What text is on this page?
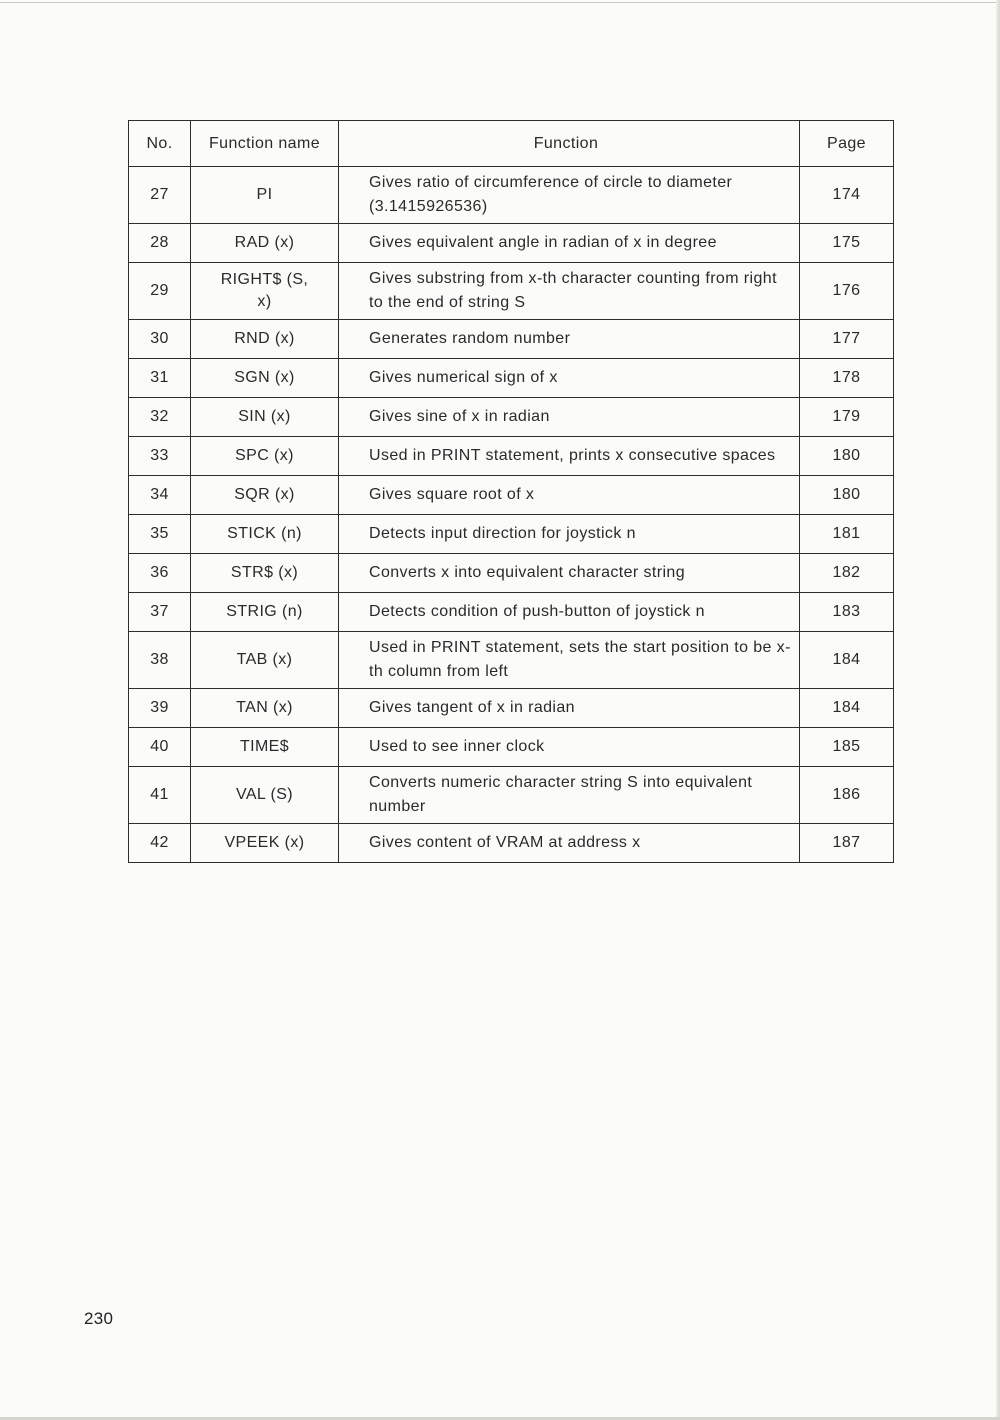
No.	Function name	Function	Page
27	PI	Gives ratio of circumference of circle to diameter (3.1415926536)	174
28	RAD (x)	Gives equivalent angle in radian of x in degree	175
29	RIGHT$ (S, x)	Gives substring from x-th character counting from right to the end of string S	176
30	RND (x)	Generates random number	177
31	SGN (x)	Gives numerical sign of x	178
32	SIN (x)	Gives sine of x in radian	179
33	SPC (x)	Used in PRINT statement, prints x consecutive spaces	180
34	SQR (x)	Gives square root of x	180
35	STICK (n)	Detects input direction for joystick n	181
36	STR$ (x)	Converts x into equivalent character string	182
37	STRIG (n)	Detects condition of push-button of joystick n	183
38	TAB (x)	Used in PRINT statement, sets the start position to be x-th column from left	184
39	TAN (x)	Gives tangent of x in radian	184
40	TIME$	Used to see inner clock	185
41	VAL (S)	Converts numeric character string S into equivalent number	186
42	VPEEK (x)	Gives content of VRAM at address x	187
230
